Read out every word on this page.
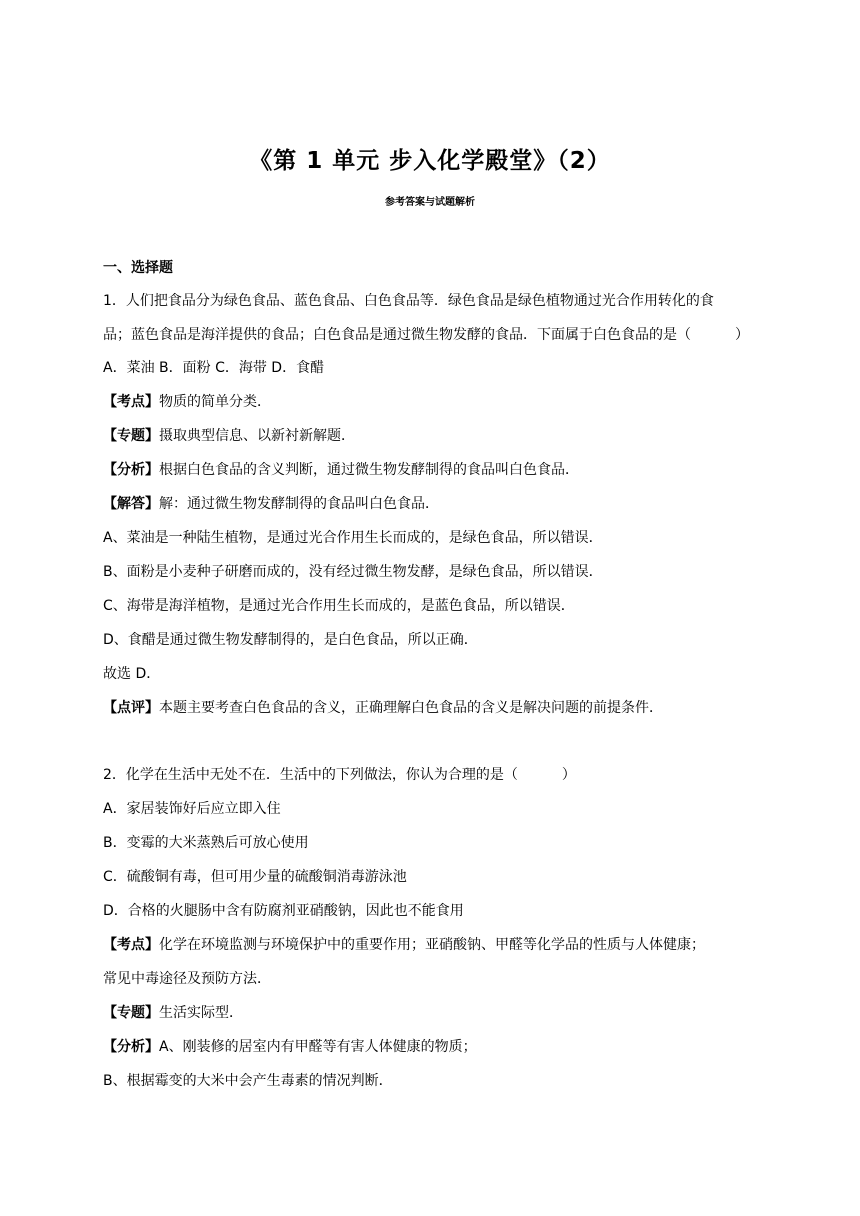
《第 1 单元 步入化学殿堂》（2）

参考答案与试题解析

一、选择题

1．人们把食品分为绿色食品、蓝色食品、白色食品等．绿色食品是绿色植物通过光合作用转化的食

品；蓝色食品是海洋提供的食品；白色食品是通过微生物发酵的食品．下面属于白色食品的是（	）

A．菜油 B．面粉 C．海带 D．食醋

【考点】物质的简单分类．

【专题】摄取典型信息、以新衬新解题．

【分析】根据白色食品的含义判断，通过微生物发酵制得的食品叫白色食品．

【解答】解：通过微生物发酵制得的食品叫白色食品．

A、菜油是一种陆生植物，是通过光合作用生长而成的，是绿色食品，所以错误．

B、面粉是小麦种子研磨而成的，没有经过微生物发酵，是绿色食品，所以错误．

C、海带是海洋植物，是通过光合作用生长而成的，是蓝色食品，所以错误．

D、食醋是通过微生物发酵制得的，是白色食品，所以正确．

故选 D．

【点评】本题主要考查白色食品的含义，正确理解白色食品的含义是解决问题的前提条件．

2．化学在生活中无处不在．生活中的下列做法，你认为合理的是（	）

A．家居装饰好后应立即入住

B．变霉的大米蒸熟后可放心使用

C．硫酸铜有毒，但可用少量的硫酸铜消毒游泳池

D．合格的火腿肠中含有防腐剂亚硝酸钠，因此也不能食用

【考点】化学在环境监测与环境保护中的重要作用；亚硝酸钠、甲醛等化学品的性质与人体健康；

常见中毒途径及预防方法．

【专题】生活实际型．

【分析】A、刚装修的居室内有甲醛等有害人体健康的物质；

B、根据霉变的大米中会产生毒素的情况判断．
